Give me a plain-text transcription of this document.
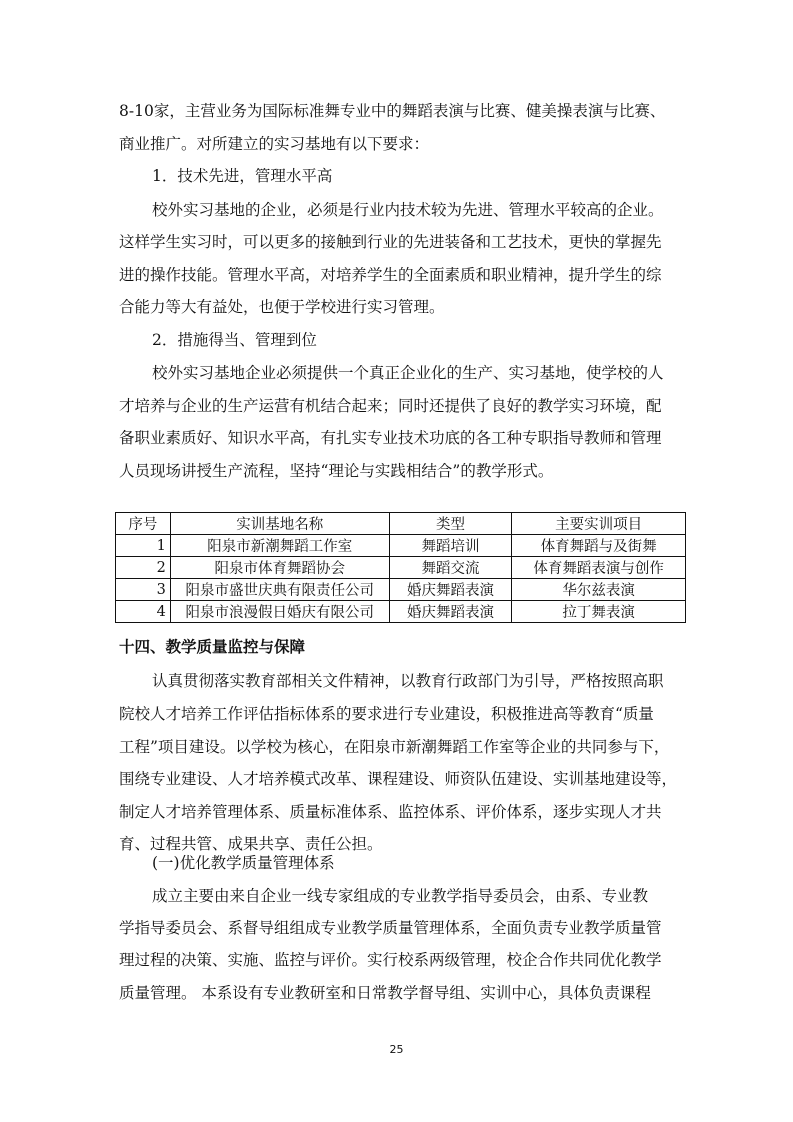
8-10家，主营业务为国际标准舞专业中的舞蹈表演与比赛、健美操表演与比赛、
商业推广。对所建立的实习基地有以下要求：
1．技术先进，管理水平高
校外实习基地的企业，必须是行业内技术较为先进、管理水平较高的企业。
这样学生实习时，可以更多的接触到行业的先进装备和工艺技术，更快的掌握先
进的操作技能。管理水平高，对培养学生的全面素质和职业精神，提升学生的综
合能力等大有益处，也便于学校进行实习管理。
2．措施得当、管理到位
校外实习基地企业必须提供一个真正企业化的生产、实习基地，使学校的人
才培养与企业的生产运营有机结合起来；同时还提供了良好的教学实习环境，配
备职业素质好、知识水平高，有扎实专业技术功底的各工种专职指导教师和管理
人员现场讲授生产流程，坚持“理论与实践相结合”的教学形式。
序号	实训基地名称	类型	主要实训项目
1	阳泉市新潮舞蹈工作室	舞蹈培训	体育舞蹈与及街舞
2	阳泉市体育舞蹈协会	舞蹈交流	体育舞蹈表演与创作
3	阳泉市盛世庆典有限责任公司	婚庆舞蹈表演	华尔兹表演
4	阳泉市浪漫假日婚庆有限公司	婚庆舞蹈表演	拉丁舞表演
十四、教学质量监控与保障
认真贯彻落实教育部相关文件精神，以教育行政部门为引导，严格按照高职
院校人才培养工作评估指标体系的要求进行专业建设，积极推进高等教育“质量
工程”项目建设。以学校为核心，在阳泉市新潮舞蹈工作室等企业的共同参与下，
围绕专业建设、人才培养模式改革、课程建设、师资队伍建设、实训基地建设等，
制定人才培养管理体系、质量标准体系、监控体系、评价体系，逐步实现人才共
育、过程共管、成果共享、责任公担。
(一)优化教学质量管理体系
成立主要由来自企业一线专家组成的专业教学指导委员会，由系、专业教
学指导委员会、系督导组组成专业教学质量管理体系，全面负责专业教学质量管
理过程的决策、实施、监控与评价。实行校系两级管理，校企合作共同优化教学
质量管理。 本系设有专业教研室和日常教学督导组、实训中心，具体负责课程
25
